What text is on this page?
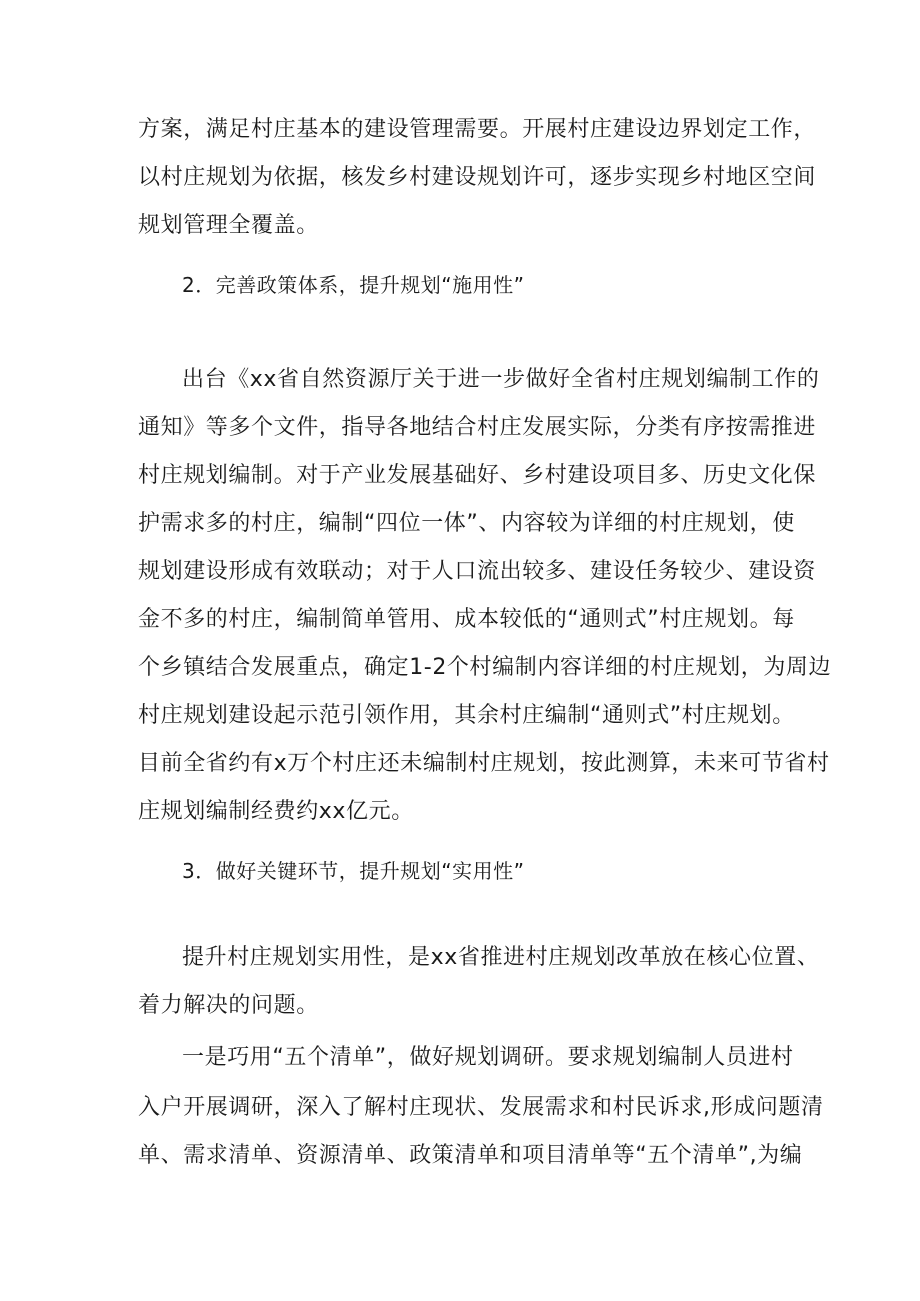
方案，满足村庄基本的建设管理需要。开展村庄建设边界划定工作，
以村庄规划为依据，核发乡村建设规划许可，逐步实现乡村地区空间
规划管理全覆盖。
2．完善政策体系，提升规划“施用性”
出台《xx省自然资源厅关于进一步做好全省村庄规划编制工作的
通知》等多个文件，指导各地结合村庄发展实际，分类有序按需推进
村庄规划编制。对于产业发展基础好、乡村建设项目多、历史文化保
护需求多的村庄，编制“四位一体”、内容较为详细的村庄规划，使
规划建设形成有效联动；对于人口流出较多、建设任务较少、建设资
金不多的村庄，编制简单管用、成本较低的“通则式”村庄规划。每
个乡镇结合发展重点，确定1-2个村编制内容详细的村庄规划，为周边
村庄规划建设起示范引领作用，其余村庄编制“通则式”村庄规划。
目前全省约有x万个村庄还未编制村庄规划，按此测算，未来可节省村
庄规划编制经费约xx亿元。
3．做好关键环节，提升规划“实用性”
提升村庄规划实用性，是xx省推进村庄规划改革放在核心位置、
着力解决的问题。
一是巧用“五个清单”，做好规划调研。要求规划编制人员进村
入户开展调研，深入了解村庄现状、发展需求和村民诉求,形成问题清
单、需求清单、资源清单、政策清单和项目清单等“五个清单”,为编
